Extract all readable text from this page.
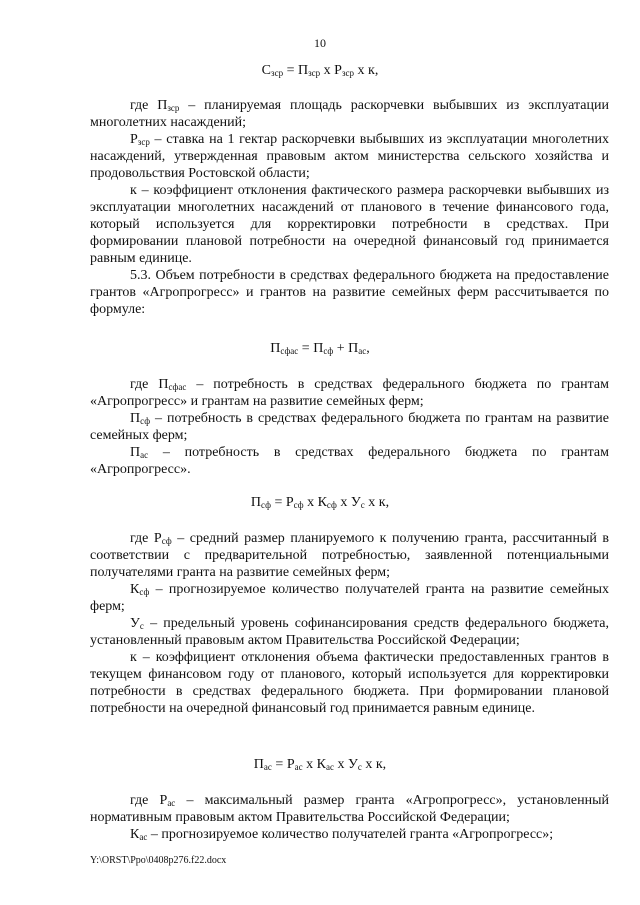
10
$C_{зср} = П_{зср}$ х $Р_{зср}$ х к,

где $П_{зср}$ – планируемая площадь раскорчевки выбывших из эксплуатации многолетних насаждений;

$Р_{зср}$ – ставка на 1 гектар раскорчевки выбывших из эксплуатации многолетних насаждений, утвержденная правовым актом министерства сельского хозяйства и продовольствия Ростовской области;

к – коэффициент отклонения фактического размера раскорчевки выбывших из эксплуатации многолетних насаждений от планового в течение финансового года, который используется для корректировки потребности в средствах. При формировании плановой потребности на очередной финансовый год принимается равным единице.

5.3. Объем потребности в средствах федерального бюджета на предоставление грантов «Агропрогресс» и грантов на развитие семейных ферм рассчитывается по формуле:

$П_{сфас} = П_{сф} + П_{ас}$,

где $П_{сфас}$ – потребность в средствах федерального бюджета по грантам «Агропрогресс» и грантам на развитие семейных ферм;

$П_{сф}$ – потребность в средствах федерального бюджета по грантам на развитие семейных ферм;

$П_{ас}$ – потребность в средствах федерального бюджета по грантам «Агропрогресс».

$П_{сф} = Р_{сф}$ х $К_{сф}$ х $У_с$ х к,

где $Р_{сф}$ – средний размер планируемого к получению гранта, рассчитанный в соответствии с предварительной потребностью, заявленной потенциальными получателями гранта на развитие семейных ферм;

$К_{сф}$ – прогнозируемое количество получателей гранта на развитие семейных ферм;

$У_с$ – предельный уровень софинансирования средств федерального бюджета, установленный правовым актом Правительства Российской Федерации;

к – коэффициент отклонения объема фактически предоставленных грантов в текущем финансовом году от планового, который используется для корректировки потребности в средствах федерального бюджета. При формировании плановой потребности на очередной финансовый год принимается равным единице.

$П_{ас} = Р_{ас}$ х $К_{ас}$ х $У_с$ х к,

где $Р_{ас}$ – максимальный размер гранта «Агропрогресс», установленный нормативным правовым актом Правительства Российской Федерации;

$К_{ас}$ – прогнозируемое количество получателей гранта «Агропрогресс»;

Y:\ORST\Ppo\0408p276.f22.docx
